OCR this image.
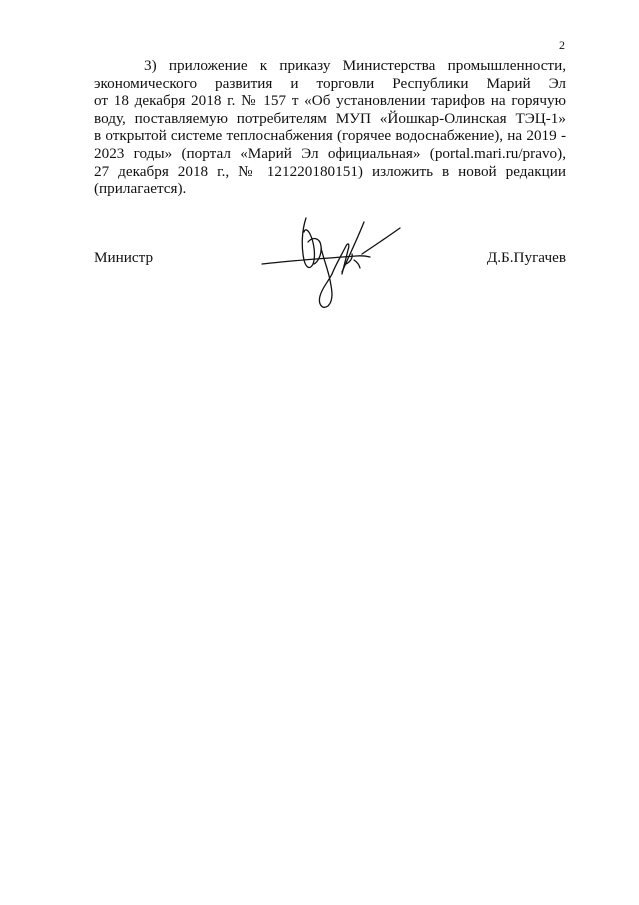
2

3) приложение к приказу Министерства промышленности,
экономического развития и торговли Республики Марий Эл
от 18 декабря 2018 г. № 157 т «Об установлении тарифов на горячую
воду, поставляемую потребителям МУП «Йошкар-Олинская ТЭЦ-1»
в открытой системе теплоснабжения (горячее водоснабжение), на 2019 -
2023 годы» (портал «Марий Эл официальная» (portal.mari.ru/pravo),
27 декабря 2018 г., № 121220180151) изложить в новой редакции
(прилагается).

Министр	Д.Б.Пугачев
